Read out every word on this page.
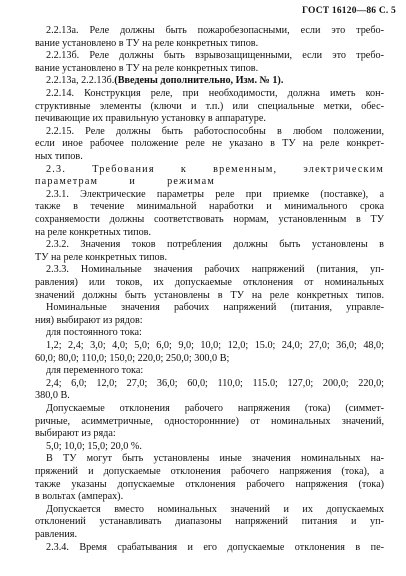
ГОСТ 16120—86 С. 5
2.2.13а. Реле должны быть пожаробезопасными, если это требо-
вание установлено в ТУ на реле конкретных типов.
2.2.13б. Реле должны быть взрывозащищенными, если это требо-
вание установлено в ТУ на реле конкретных типов.
2.2.13а, 2.2.13б.(Введены дополнительно, Изм. № 1).
2.2.14. Конструкция реле, при необходимости, должна иметь кон-
структивные элементы (ключи и т.п.) или специальные метки, обес-
печивающие их правильную установку в аппаратуре.
2.2.15. Реле должны быть работоспособны в любом положении,
если иное рабочее положение реле не указано в ТУ на реле конкрет-
ных типов.
2.3. Требования к временным, электрическим
параметрам и режимам
2.3.1. Электрические параметры реле при приемке (поставке), а
также в течение минимальной наработки и минимального срока
сохраняемости должны соответствовать нормам, установленным в ТУ
на реле конкретных типов.
2.3.2. Значения токов потребления должны быть установлены в
ТУ на реле конкретных типов.
2.3.3. Номинальные значения рабочих напряжений (питания, уп-
равления) или токов, их допускаемые отклонения от номинальных
значений должны быть установлены в ТУ на реле конкретных типов.
Номинальные значения рабочих напряжений (питания, управле-
ния) выбирают из рядов:
для постоянного тока:
1,2; 2,4; 3,0; 4,0; 5,0; 6,0; 9,0; 10,0; 12,0; 15.0; 24,0; 27,0; 36,0; 48,0;
60,0; 80,0; 110,0; 150,0; 220,0; 250,0; 300,0 В;
для переменного тока:
2,4; 6,0; 12,0; 27,0; 36,0; 60,0; 110,0; 115.0; 127,0; 200,0; 220,0;
380,0 В.
Допускаемые отклонения рабочего напряжения (тока) (симмет-
ричные, асимметричные, одностороннние) от номинальных значений,
выбирают из ряда:
5,0; 10,0; 15,0; 20,0 %.
В ТУ могут быть установлены иные значения номинальных на-
пряжений и допускаемые отклонения рабочего напряжения (тока), а
также указаны допускаемые отклонения рабочего напряжения (тока)
в вольтах (амперах).
Допускается вместо номинальных значений и их допускаемых
отклонений устанавливать диапазоны напряжений питания и уп-
равления.
2.3.4. Время срабатывания и его допускаемые отклонения в пе-
